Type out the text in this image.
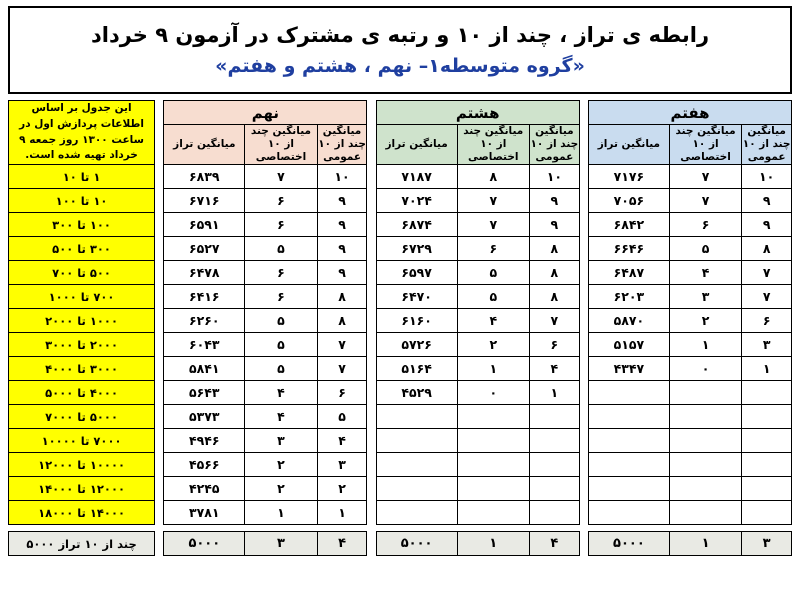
رابطه ی تراز ، چند از ۱۰ و رتبه ی مشترک در آزمون ۹ خرداد
«گروه متوسطه۱– نهم ، هشتم و هفتم»
هفتم				هشتم				نهم				این جدول بر اساس اطلاعات پردازش اول در ساعت ۱۳۰۰ روز جمعه ۹ خرداد تهیه شده است.
میانگین چند از ۱۰ عمومی	میانگین چند از ۱۰ اختصاصی	میانگین تراز		میانگین چند از ۱۰ عمومی	میانگین چند از ۱۰ اختصاصی	میانگین تراز		میانگین چند از ۱۰ عمومی	میانگین چند از ۱۰ اختصاصی	میانگین تراز		
۱۰	۷	۷۱۷۶		۱۰	۸	۷۱۸۷		۱۰	۷	۶۸۳۹		۱ تا ۱۰
۹	۷	۷۰۵۶		۹	۷	۷۰۲۴		۹	۶	۶۷۱۶		۱۰ تا ۱۰۰
۹	۶	۶۸۴۲		۹	۷	۶۸۷۴		۹	۶	۶۵۹۱		۱۰۰ تا ۳۰۰
۸	۵	۶۶۴۶		۸	۶	۶۷۲۹		۹	۵	۶۵۲۷		۳۰۰ تا ۵۰۰
۷	۴	۶۴۸۷		۸	۵	۶۵۹۷		۹	۶	۶۴۷۸		۵۰۰ تا ۷۰۰
۷	۳	۶۲۰۳		۸	۵	۶۴۷۰		۸	۶	۶۴۱۶		۷۰۰ تا ۱۰۰۰
۶	۲	۵۸۷۰		۷	۴	۶۱۶۰		۸	۵	۶۲۶۰		۱۰۰۰ تا ۲۰۰۰
۳	۱	۵۱۵۷		۶	۲	۵۷۲۶		۷	۵	۶۰۴۳		۲۰۰۰ تا ۳۰۰۰
۱	۰	۴۳۴۷		۴	۱	۵۱۶۴		۷	۵	۵۸۴۱		۳۰۰۰ تا ۴۰۰۰
				۱	۰	۴۵۲۹		۶	۴	۵۶۴۳		۴۰۰۰ تا ۵۰۰۰
								۵	۴	۵۳۷۳		۵۰۰۰ تا ۷۰۰۰
								۴	۳	۴۹۴۶		۷۰۰۰ تا ۱۰۰۰۰
								۳	۲	۴۵۶۶		۱۰۰۰۰ تا ۱۲۰۰۰
								۲	۲	۴۲۴۵		۱۲۰۰۰ تا ۱۴۰۰۰
								۱	۱	۳۷۸۱		۱۴۰۰۰ تا ۱۸۰۰۰
۳	۱	۵۰۰۰		۴	۱	۵۰۰۰		۴	۳	۵۰۰۰		چند از ۱۰ تراز ۵۰۰۰
